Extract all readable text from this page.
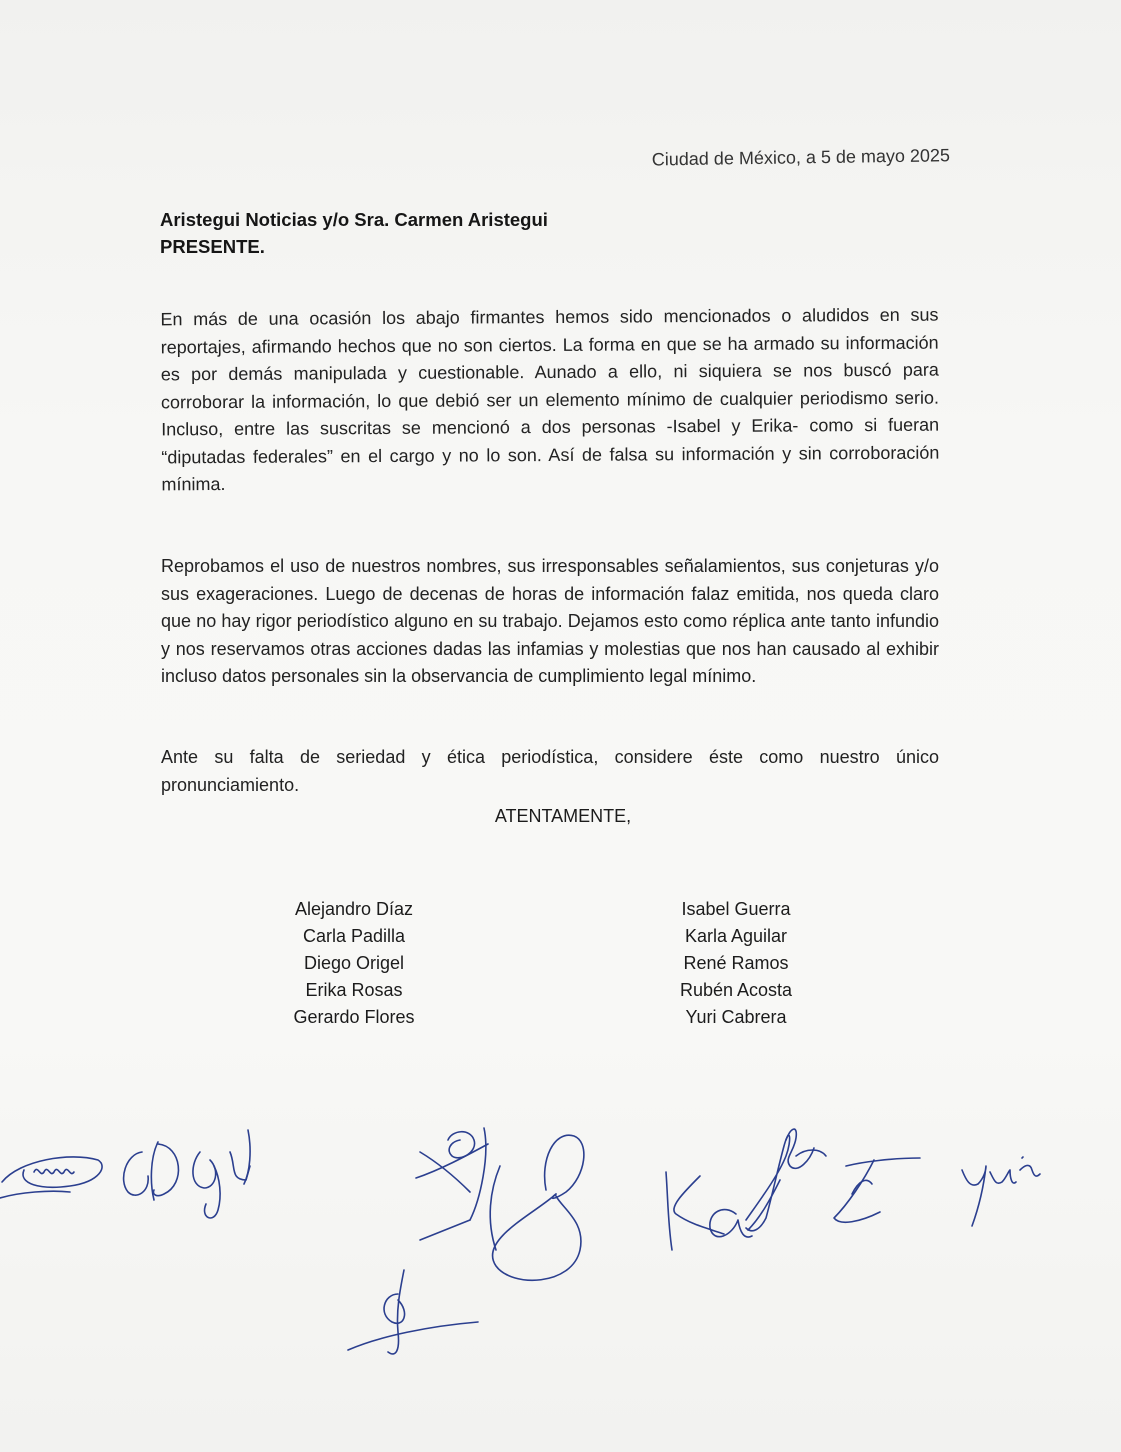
Ciudad de México, a 5 de mayo 2025
Aristegui Noticias y/o Sra. Carmen Aristegui
PRESENTE.

En más de una ocasión los abajo firmantes hemos sido mencionados o aludidos en sus reportajes, afirmando hechos que no son ciertos. La forma en que se ha armado su información es por demás manipulada y cuestionable. Aunado a ello, ni siquiera se nos buscó para corroborar la información, lo que debió ser un elemento mínimo de cualquier periodismo serio. Incluso, entre las suscritas se mencionó a dos personas -Isabel y Erika- como si fueran “diputadas federales” en el cargo y no lo son. Así de falsa su información y sin corroboración mínima.

Reprobamos el uso de nuestros nombres, sus irresponsables señalamientos, sus conjeturas y/o sus exageraciones. Luego de decenas de horas de información falaz emitida, nos queda claro que no hay rigor periodístico alguno en su trabajo. Dejamos esto como réplica ante tanto infundio y nos reservamos otras acciones dadas las infamias y molestias que nos han causado al exhibir incluso datos personales sin la observancia de cumplimiento legal mínimo.

Ante su falta de seriedad y ética periodística, considere éste como nuestro único pronunciamiento.

ATENTAMENTE,
Alejandro Díaz
Carla Padilla
Diego Origel
Erika Rosas
Gerardo Flores
Isabel Guerra
Karla Aguilar
René Ramos
Rubén Acosta
Yuri Cabrera
